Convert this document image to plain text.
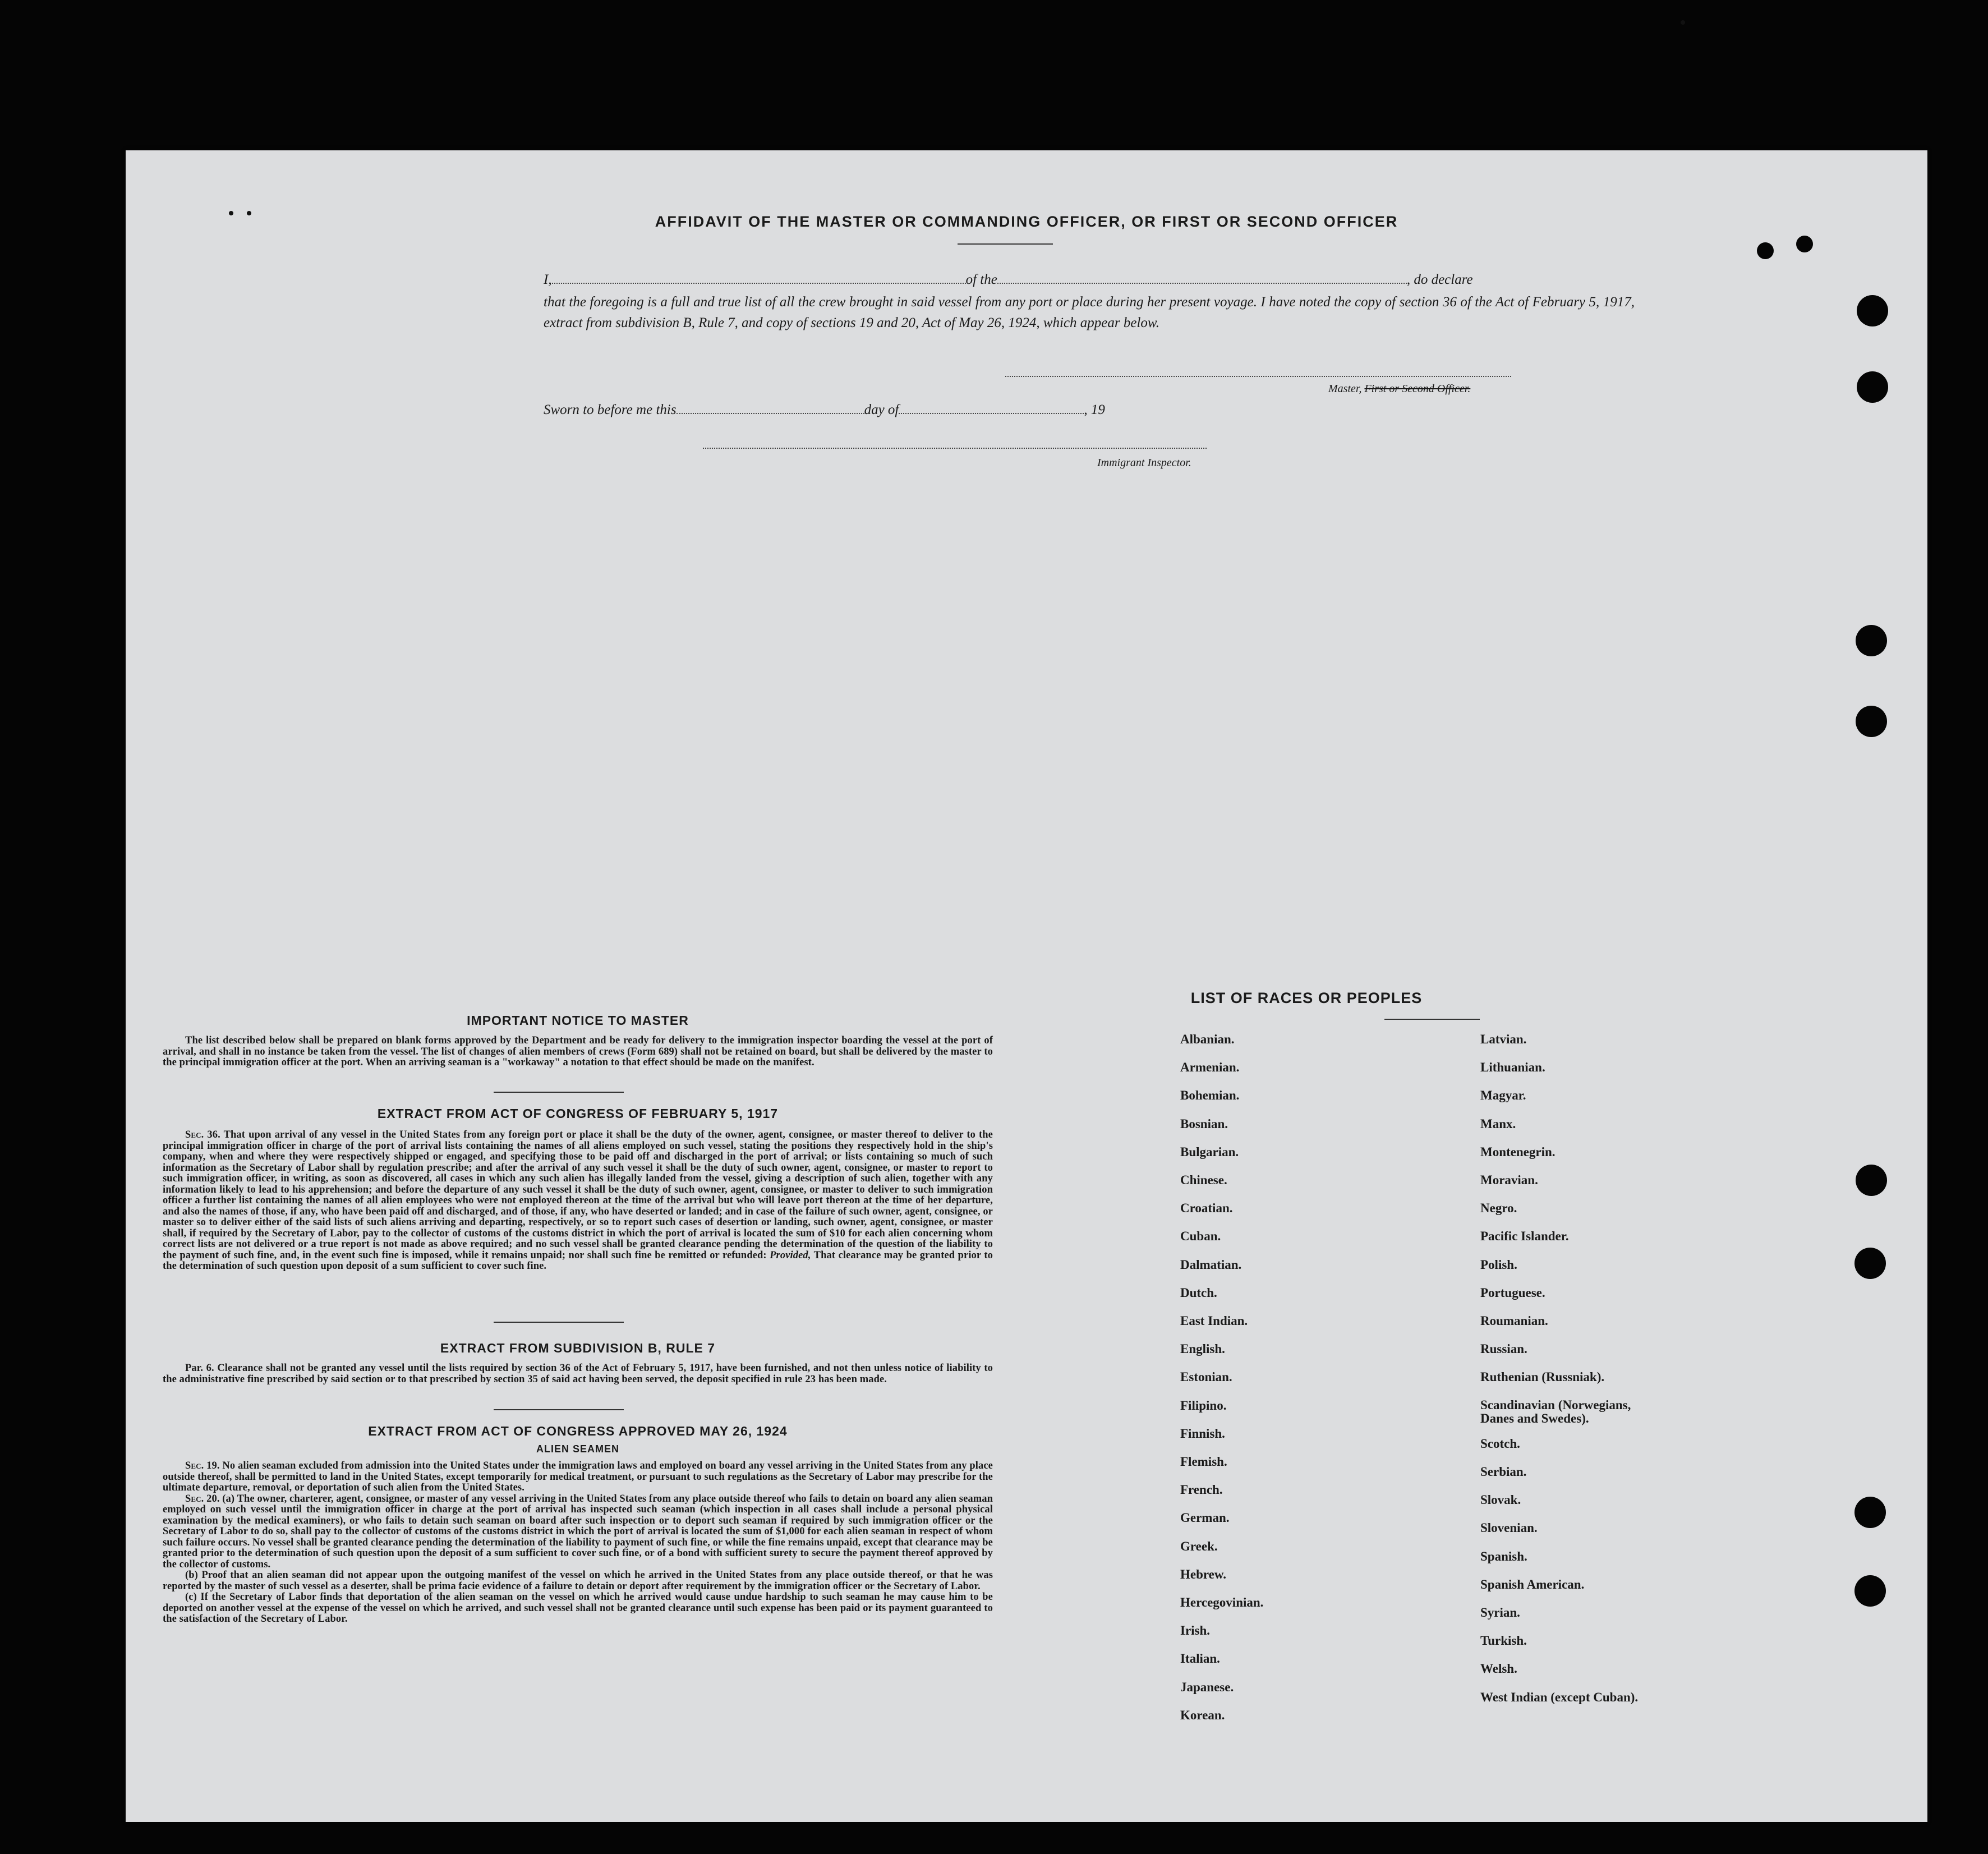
AFFIDAVIT OF THE MASTER OR COMMANDING OFFICER, OR FIRST OR SECOND OFFICER
I,	of the	, do declare
that the foregoing is a full and true list of all the crew brought in said vessel from any port or place during her present voyage. I have noted the copy of section 36 of the Act of February 5, 1917, extract from subdivision B, Rule 7, and copy of sections 19 and 20, Act of May 26, 1924, which appear below.
Master, First or Second Officer.
Sworn to before me this	day of	, 19
Immigrant Inspector.
IMPORTANT NOTICE TO MASTER

The list described below shall be prepared on blank forms approved by the Department and be ready for delivery to the immigration inspector boarding the vessel at the port of arrival, and shall in no instance be taken from the vessel. The list of changes of alien members of crews (Form 689) shall not be retained on board, but shall be delivered by the master to the principal immigration officer at the port. When an arriving seaman is a "workaway" a notation to that effect should be made on the manifest.

EXTRACT FROM ACT OF CONGRESS OF FEBRUARY 5, 1917

Sec. 36. That upon arrival of any vessel in the United States from any foreign port or place it shall be the duty of the owner, agent, consignee, or master thereof to deliver to the principal immigration officer in charge of the port of arrival lists containing the names of all aliens employed on such vessel, stating the positions they respectively hold in the ship's company, when and where they were respectively shipped or engaged, and specifying those to be paid off and discharged in the port of arrival; or lists containing so much of such information as the Secretary of Labor shall by regulation prescribe; and after the arrival of any such vessel it shall be the duty of such owner, agent, consignee, or master to report to such immigration officer, in writing, as soon as discovered, all cases in which any such alien has illegally landed from the vessel, giving a description of such alien, together with any information likely to lead to his apprehension; and before the departure of any such vessel it shall be the duty of such owner, agent, consignee, or master to deliver to such immigration officer a further list containing the names of all alien employees who were not employed thereon at the time of the arrival but who will leave port thereon at the time of her departure, and also the names of those, if any, who have been paid off and discharged, and of those, if any, who have deserted or landed; and in case of the failure of such owner, agent, consignee, or master so to deliver either of the said lists of such aliens arriving and departing, respectively, or so to report such cases of desertion or landing, such owner, agent, consignee, or master shall, if required by the Secretary of Labor, pay to the collector of customs of the customs district in which the port of arrival is located the sum of $10 for each alien concerning whom correct lists are not delivered or a true report is not made as above required; and no such vessel shall be granted clearance pending the determination of the question of the liability to the payment of such fine, and, in the event such fine is imposed, while it remains unpaid; nor shall such fine be remitted or refunded: Provided, That clearance may be granted prior to the determination of such question upon deposit of a sum sufficient to cover such fine.

EXTRACT FROM SUBDIVISION B, RULE 7

Par. 6. Clearance shall not be granted any vessel until the lists required by section 36 of the Act of February 5, 1917, have been furnished, and not then unless notice of liability to the administrative fine prescribed by said section or to that prescribed by section 35 of said act having been served, the deposit specified in rule 23 has been made.

EXTRACT FROM ACT OF CONGRESS APPROVED MAY 26, 1924
ALIEN SEAMEN

Sec. 19. No alien seaman excluded from admission into the United States under the immigration laws and employed on board any vessel arriving in the United States from any place outside thereof, shall be permitted to land in the United States, except temporarily for medical treatment, or pursuant to such regulations as the Secretary of Labor may prescribe for the ultimate departure, removal, or deportation of such alien from the United States.

Sec. 20. (a) The owner, charterer, agent, consignee, or master of any vessel arriving in the United States from any place outside thereof who fails to detain on board any alien seaman employed on such vessel until the immigration officer in charge at the port of arrival has inspected such seaman (which inspection in all cases shall include a personal physical examination by the medical examiners), or who fails to detain such seaman on board after such inspection or to deport such seaman if required by such immigration officer or the Secretary of Labor to do so, shall pay to the collector of customs of the customs district in which the port of arrival is located the sum of $1,000 for each alien seaman in respect of whom such failure occurs. No vessel shall be granted clearance pending the determination of the liability to payment of such fine, or while the fine remains unpaid, except that clearance may be granted prior to the determination of such question upon the deposit of a sum sufficient to cover such fine, or of a bond with sufficient surety to secure the payment thereof approved by the collector of customs.

(b) Proof that an alien seaman did not appear upon the outgoing manifest of the vessel on which he arrived in the United States from any place outside thereof, or that he was reported by the master of such vessel as a deserter, shall be prima facie evidence of a failure to detain or deport after requirement by the immigration officer or the Secretary of Labor.

(c) If the Secretary of Labor finds that deportation of the alien seaman on the vessel on which he arrived would cause undue hardship to such seaman he may cause him to be deported on another vessel at the expense of the vessel on which he arrived, and such vessel shall not be granted clearance until such expense has been paid or its payment guaranteed to the satisfaction of the Secretary of Labor.

LIST OF RACES OR PEOPLES
Albanian.
Armenian.
Bohemian.
Bosnian.
Bulgarian.
Chinese.
Croatian.
Cuban.
Dalmatian.
Dutch.
East Indian.
English.
Estonian.
Filipino.
Finnish.
Flemish.
French.
German.
Greek.
Hebrew.
Hercegovinian.
Irish.
Italian.
Japanese.
Korean.
Latvian.
Lithuanian.
Magyar.
Manx.
Montenegrin.
Moravian.
Negro.
Pacific Islander.
Polish.
Portuguese.
Roumanian.
Russian.
Ruthenian (Russniak).
Scandinavian (Norwegians, Danes and Swedes).
Scotch.
Serbian.
Slovak.
Slovenian.
Spanish.
Spanish American.
Syrian.
Turkish.
Welsh.
West Indian (except Cuban).
